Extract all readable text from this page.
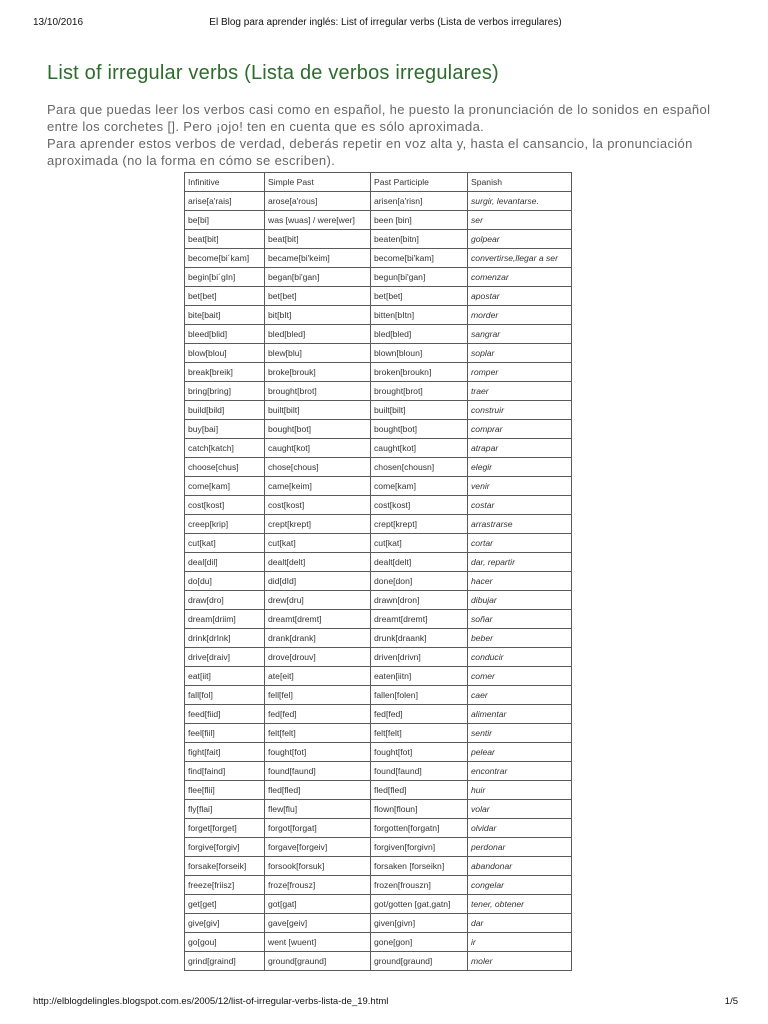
13/10/2016	El Blog para aprender inglés: List of irregular verbs (Lista de verbos irregulares)
List of irregular verbs (Lista de verbos irregulares)

Para que puedas leer los verbos casi como en español, he puesto la pronunciación de lo sonidos en español entre los corchetes []. Pero ¡ojo! ten en cuenta que es sólo aproximada.

Para aprender estos verbos de verdad, deberás repetir en voz alta y, hasta el cansancio, la pronunciación aproximada (no la forma en cómo se escriben).

Infinitive	Simple Past	Past Participle	Spanish
arise[a'rais]	arose[a'rous]	arisen[a'risn]	surgir, levantarse.
be[bi]	was [wuas] / were[wer]	been [bin]	ser
beat[bit]	beat[bit]	beaten[bitn]	golpear
become[bi´kam]	became[bi'keim]	become[bi'kam]	convertirse,llegar a ser
begin[bi´gIn]	began[bi'gan]	begun[bi'gan]	comenzar
bet[bet]	bet[bet]	bet[bet]	apostar
bite[bait]	bit[bIt]	bitten[bItn]	morder
bleed[blid]	bled[bled]	bled[bled]	sangrar
blow[blou]	blew[blu]	blown[bloun]	soplar
break[breik]	broke[brouk]	broken[broukn]	romper
bring[bring]	brought[brot]	brought[brot]	traer
build[bild]	built[bilt]	built[bilt]	construir
buy[bai]	bought[bot]	bought[bot]	comprar
catch[katch]	caught[kot]	caught[kot]	atrapar
choose[chus]	chose[chous]	chosen[chousn]	elegir
come[kam]	came[keim]	come[kam]	venir
cost[kost]	cost[kost]	cost[kost]	costar
creep[krip]	crept[krept]	crept[krept]	arrastrarse
cut[kat]	cut[kat]	cut[kat]	cortar
deal[dil]	dealt[delt]	dealt[delt]	dar, repartir
do[du]	did[dId]	done[don]	hacer
draw[dro]	drew[dru]	drawn[dron]	dibujar
dream[driim]	dreamt[dremt]	dreamt[dremt]	soñar
drink[drInk]	drank[drank]	drunk[draank]	beber
drive[draiv]	drove[drouv]	driven[drivn]	conducir
eat[iit]	ate[eit]	eaten[iitn]	comer
fall[fol]	fell[fel]	fallen[folen]	caer
feed[fiid]	fed[fed]	fed[fed]	alimentar
feel[fiil]	felt[felt]	felt[felt]	sentir
fight[fait]	fought[fot]	fought[fot]	pelear
find[faind]	found[faund]	found[faund]	encontrar
flee[flii]	fled[fled]	fled[fled]	huir
fly[flai]	flew[flu]	flown[floun]	volar
forget[forget]	forgot[forgat]	forgotten[forgatn]	olvidar
forgive[forgiv]	forgave[forgeiv]	forgiven[forgivn]	perdonar
forsake[forseik]	forsook[forsuk]	forsaken [forseikn]	abandonar
freeze[friisz]	froze[frousz]	frozen[frouszn]	congelar
get[get]	got[gat]	got/gotten [gat,gatn]	tener, obtener
give[giv]	gave[geiv]	given[givn]	dar
go[gou]	went [wuent]	gone[gon]	ir
grind[graind]	ground[graund]	ground[graund]	moler
http://elblogdelingles.blogspot.com.es/2005/12/list-of-irregular-verbs-lista-de_19.html	1/5
